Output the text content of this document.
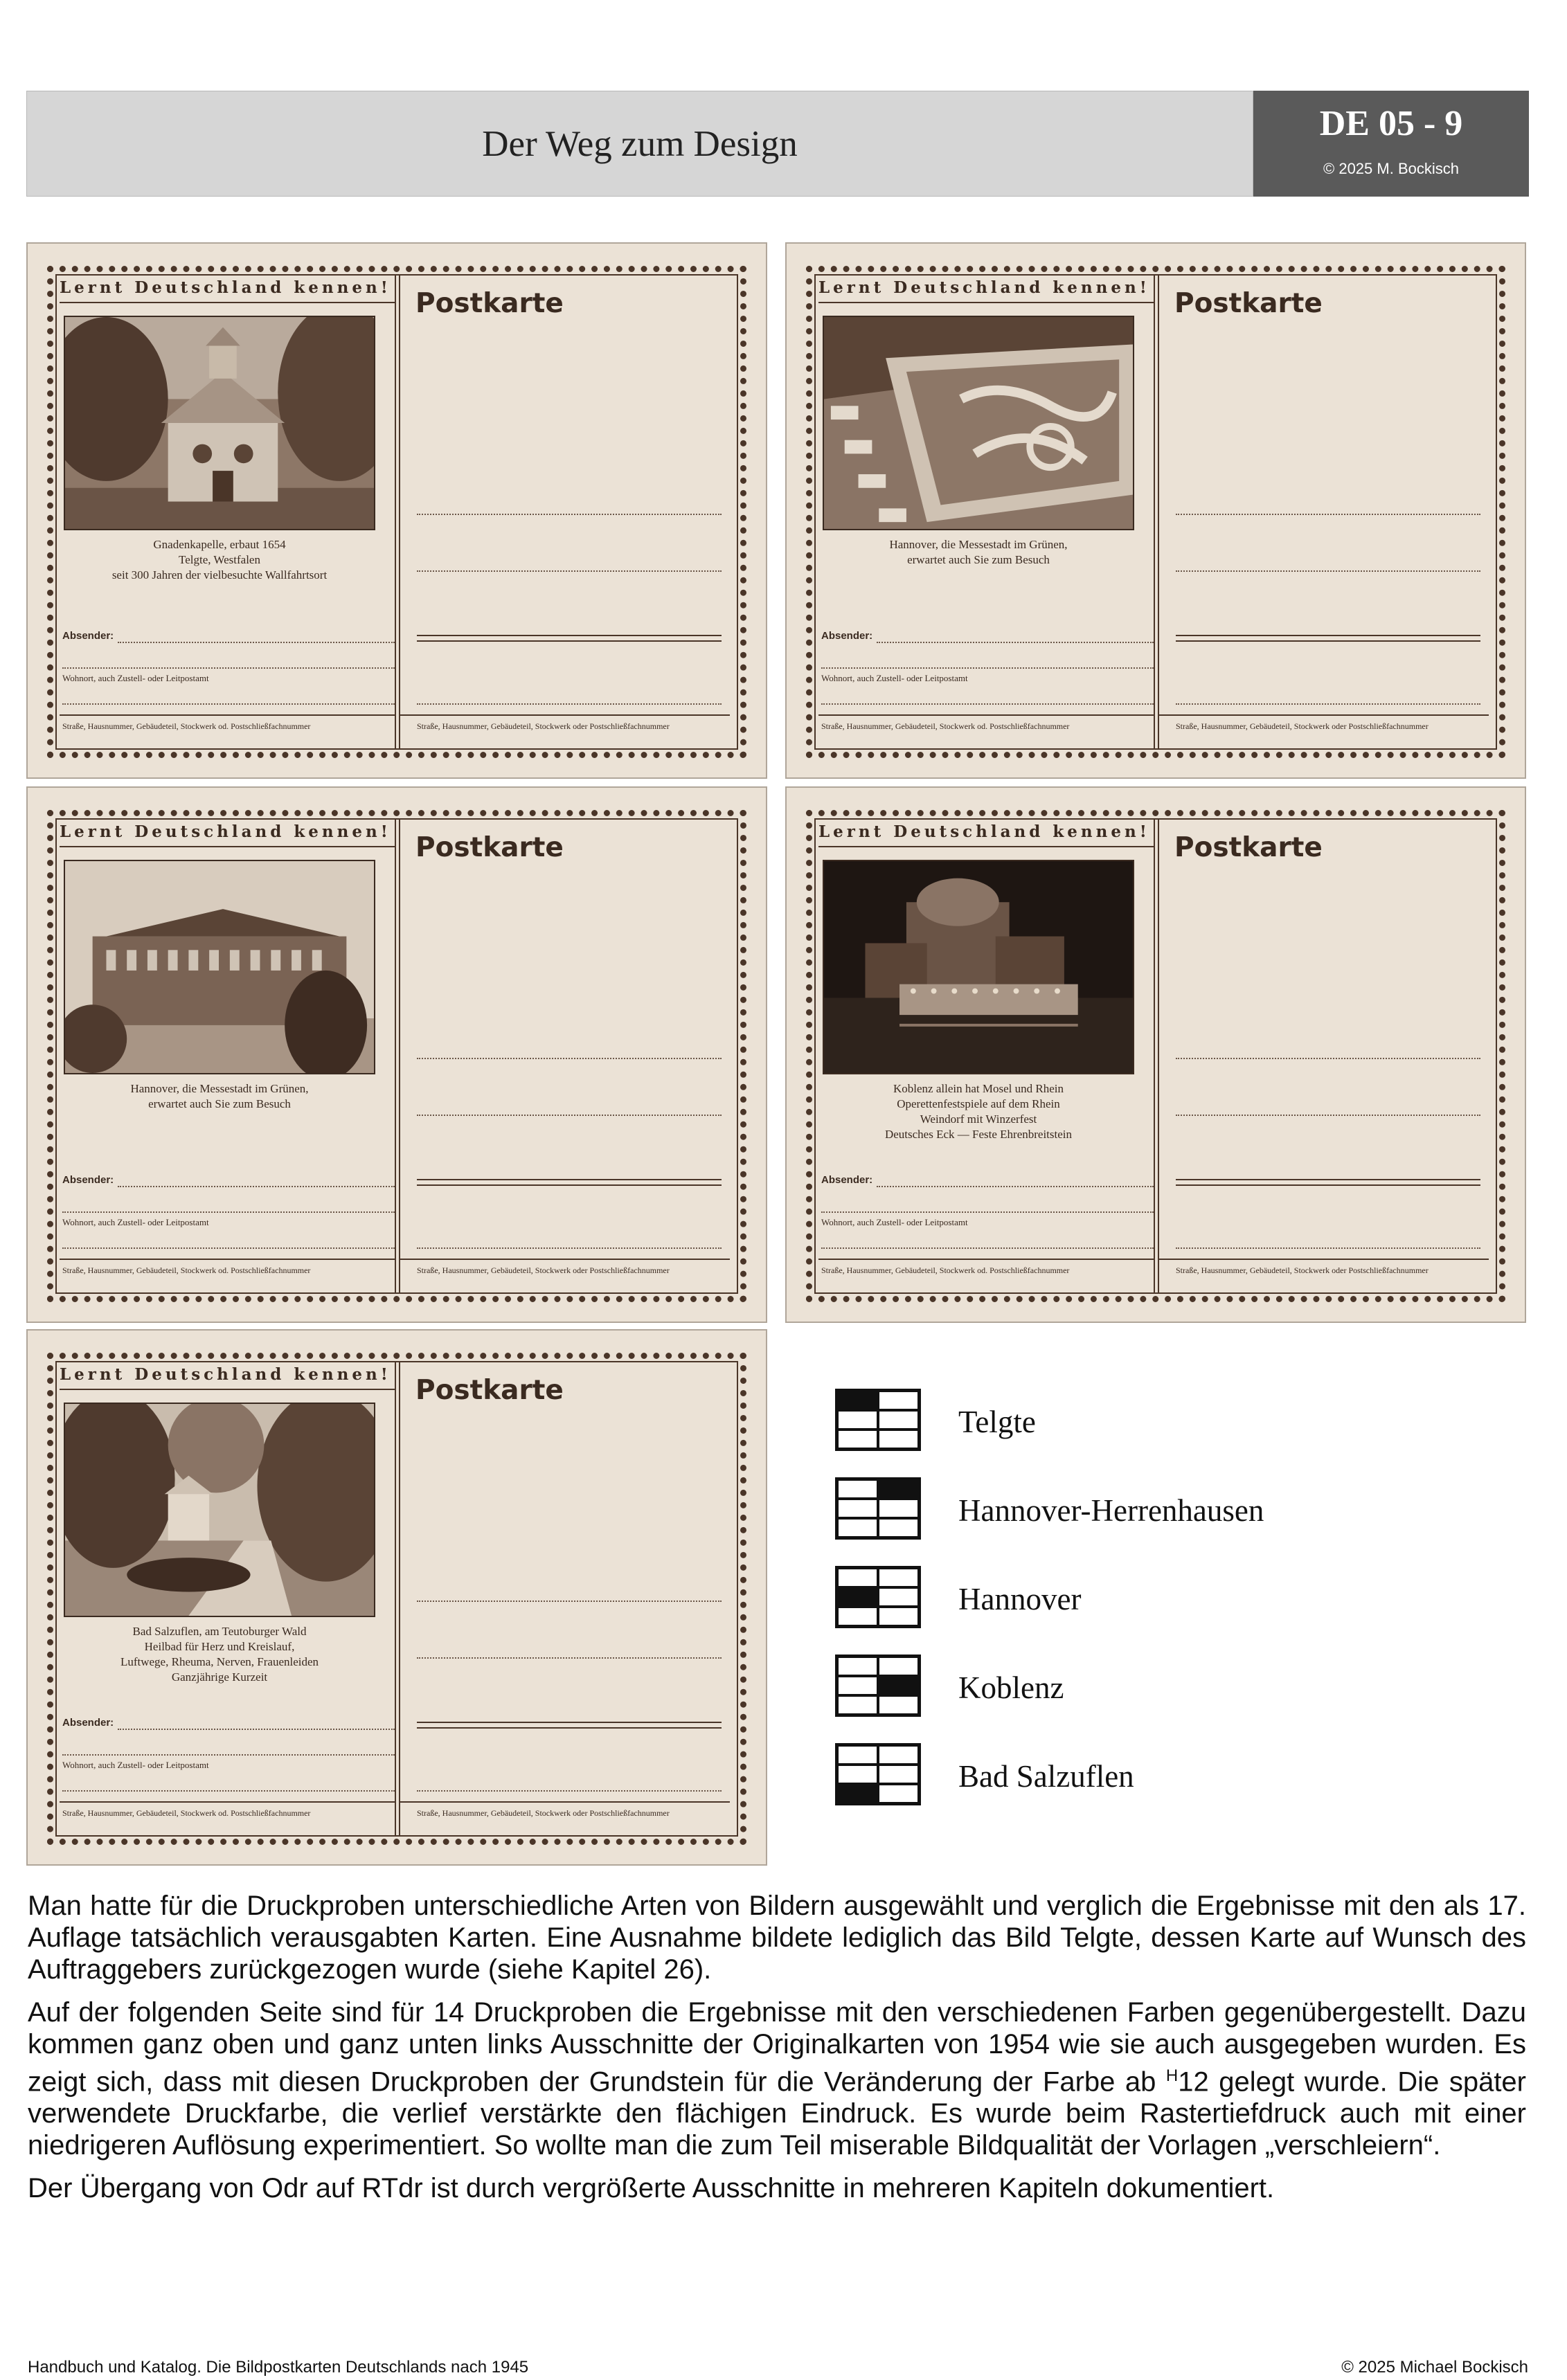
Der Weg zum Design
DE 05 - 9
© 2025 M. Bockisch
Lernt Deutschland kennen!
Postkarte
Gnadenkapelle, erbaut 1654
Telgte, Westfalen
seit 300 Jahren der vielbesuchte Wallfahrtsort
Absender:
Wohnort, auch Zustell- oder Leitpostamt
Straße, Hausnummer, Gebäudeteil, Stockwerk od. Postschließfachnummer	Straße, Hausnummer, Gebäudeteil, Stockwerk oder Postschließfachnummer
Lernt Deutschland kennen!
Postkarte
Hannover, die Messestadt im Grünen,
erwartet auch Sie zum Besuch
Absender:
Wohnort, auch Zustell- oder Leitpostamt
Straße, Hausnummer, Gebäudeteil, Stockwerk od. Postschließfachnummer	Straße, Hausnummer, Gebäudeteil, Stockwerk oder Postschließfachnummer
Lernt Deutschland kennen!
Postkarte
Hannover, die Messestadt im Grünen,
erwartet auch Sie zum Besuch
Absender:
Wohnort, auch Zustell- oder Leitpostamt
Straße, Hausnummer, Gebäudeteil, Stockwerk od. Postschließfachnummer	Straße, Hausnummer, Gebäudeteil, Stockwerk oder Postschließfachnummer
Lernt Deutschland kennen!
Postkarte
Koblenz allein hat Mosel und Rhein
Operettenfestspiele auf dem Rhein
Weindorf mit Winzerfest
Deutsches Eck — Feste Ehrenbreitstein
Absender:
Wohnort, auch Zustell- oder Leitpostamt
Straße, Hausnummer, Gebäudeteil, Stockwerk od. Postschließfachnummer	Straße, Hausnummer, Gebäudeteil, Stockwerk oder Postschließfachnummer
Lernt Deutschland kennen!
Postkarte
Bad Salzuflen, am Teutoburger Wald
Heilbad für Herz und Kreislauf,
Luftwege, Rheuma, Nerven, Frauenleiden
Ganzjährige Kurzeit
Absender:
Wohnort, auch Zustell- oder Leitpostamt
Straße, Hausnummer, Gebäudeteil, Stockwerk od. Postschließfachnummer	Straße, Hausnummer, Gebäudeteil, Stockwerk oder Postschließfachnummer
Telgte
Hannover-Herrenhausen
Hannover
Koblenz
Bad Salzuflen

Man hatte für die Druckproben unterschiedliche Arten von Bildern ausgewählt und verglich die Ergebnisse mit den als 17. Auflage tatsächlich verausgabten Karten. Eine Ausnahme bildete lediglich das Bild Telgte, dessen Karte auf Wunsch des Auftraggebers zurückgezogen wurde (siehe Kapitel 26).

Auf der folgenden Seite sind für 14 Druckproben die Ergebnisse mit den verschiedenen Farben gegenübergestellt. Dazu kommen ganz oben und ganz unten links Ausschnitte der Originalkarten von 1954 wie sie auch ausgegeben wurden. Es zeigt sich, dass mit diesen Druckproben der Grundstein für die Veränderung der Farbe ab $^H$12 gelegt wurde. Die später verwendete Druckfarbe, die verlief verstärkte den flächigen Eindruck. Es wurde beim Rastertiefdruck auch mit einer niedrigeren Auflösung experimentiert. So wollte man die zum Teil miserable Bildqualität der Vorlagen „verschleiern“.

Der Übergang von Odr auf RTdr ist durch vergrößerte Ausschnitte in mehreren Kapiteln dokumentiert.

Handbuch und Katalog. Die Bildpostkarten Deutschlands nach 1945	© 2025 Michael Bockisch
